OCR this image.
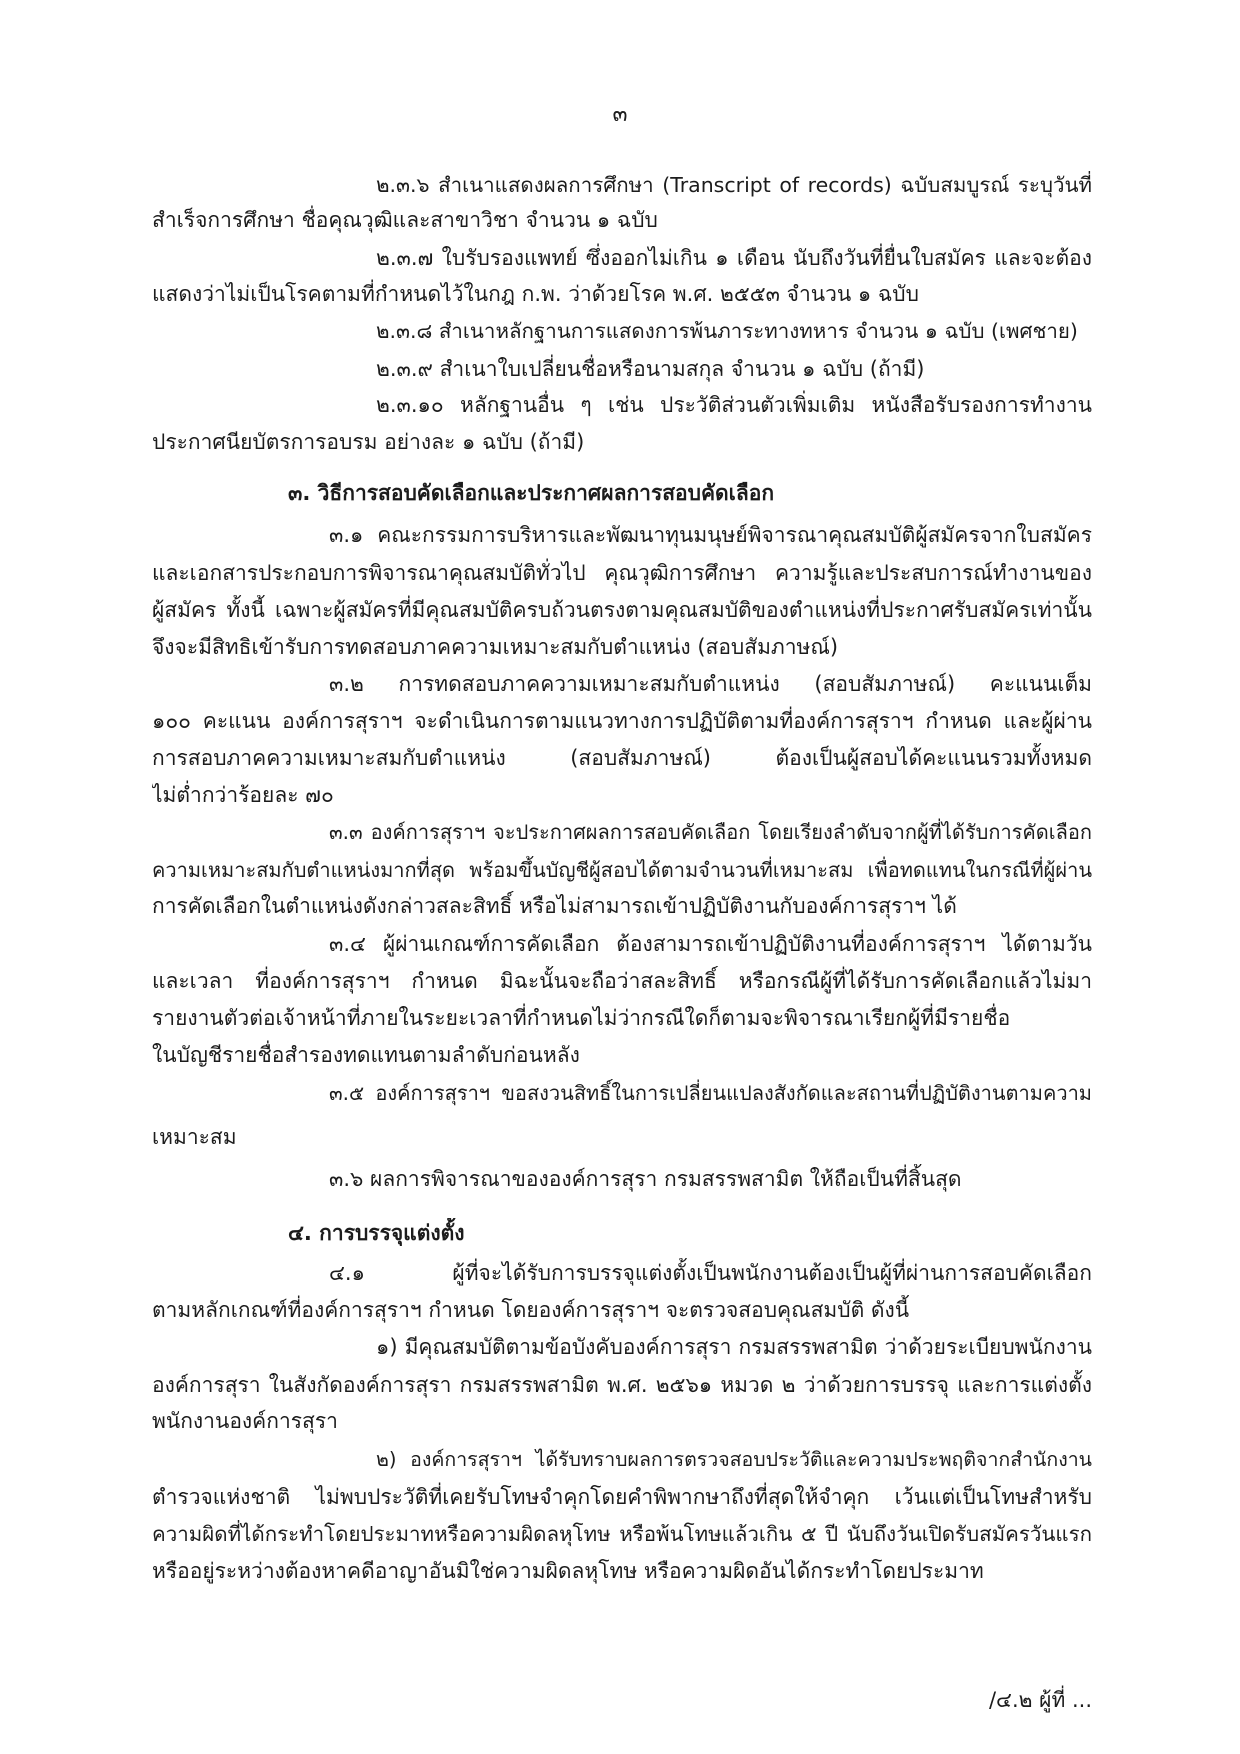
๓
๒.๓.๖ สำเนาแสดงผลการศึกษา (Transcript of records) ฉบับสมบูรณ์ ระบุวันที่
สำเร็จการศึกษา ชื่อคุณวุฒิและสาขาวิชา จำนวน ๑ ฉบับ
๒.๓.๗ ใบรับรองแพทย์ ซึ่งออกไม่เกิน ๑ เดือน นับถึงวันที่ยื่นใบสมัคร และจะต้อง
แสดงว่าไม่เป็นโรคตามที่กำหนดไว้ในกฎ ก.พ. ว่าด้วยโรค พ.ศ. ๒๕๕๓ จำนวน ๑ ฉบับ
๒.๓.๘ สำเนาหลักฐานการแสดงการพ้นภาระทางทหาร จำนวน ๑ ฉบับ (เพศชาย)
๒.๓.๙ สำเนาใบเปลี่ยนชื่อหรือนามสกุล จำนวน ๑ ฉบับ (ถ้ามี)
๒.๓.๑๐ หลักฐานอื่น ๆ เช่น ประวัติส่วนตัวเพิ่มเติม หนังสือรับรองการทำงาน
ประกาศนียบัตรการอบรม อย่างละ ๑ ฉบับ (ถ้ามี)
๓. วิธีการสอบคัดเลือกและประกาศผลการสอบคัดเลือก
๓.๑ คณะกรรมการบริหารและพัฒนาทุนมนุษย์พิจารณาคุณสมบัติผู้สมัครจากใบสมัคร
และเอกสารประกอบการพิจารณาคุณสมบัติทั่วไป คุณวุฒิการศึกษา ความรู้และประสบการณ์ทำงานของ
ผู้สมัคร ทั้งนี้ เฉพาะผู้สมัครที่มีคุณสมบัติครบถ้วนตรงตามคุณสมบัติของตำแหน่งที่ประกาศรับสมัครเท่านั้น
จึงจะมีสิทธิเข้ารับการทดสอบภาคความเหมาะสมกับตำแหน่ง (สอบสัมภาษณ์)
๓.๒ การทดสอบภาคความเหมาะสมกับตำแหน่ง (สอบสัมภาษณ์) คะแนนเต็ม
๑๐๐ คะแนน องค์การสุราฯ จะดำเนินการตามแนวทางการปฏิบัติตามที่องค์การสุราฯ กำหนด และผู้ผ่าน
การสอบภาคความเหมาะสมกับตำแหน่ง (สอบสัมภาษณ์) ต้องเป็นผู้สอบได้คะแนนรวมทั้งหมด
ไม่ต่ำกว่าร้อยละ ๗๐
๓.๓ องค์การสุราฯ จะประกาศผลการสอบคัดเลือก โดยเรียงลำดับจากผู้ที่ได้รับการคัดเลือก
ความเหมาะสมกับตำแหน่งมากที่สุด พร้อมขึ้นบัญชีผู้สอบได้ตามจำนวนที่เหมาะสม เพื่อทดแทนในกรณีที่ผู้ผ่าน
การคัดเลือกในตำแหน่งดังกล่าวสละสิทธิ์ หรือไม่สามารถเข้าปฏิบัติงานกับองค์การสุราฯ ได้
๓.๔ ผู้ผ่านเกณฑ์การคัดเลือก ต้องสามารถเข้าปฏิบัติงานที่องค์การสุราฯ ได้ตามวัน
และเวลา ที่องค์การสุราฯ กำหนด มิฉะนั้นจะถือว่าสละสิทธิ์ หรือกรณีผู้ที่ได้รับการคัดเลือกแล้วไม่มา
รายงานตัวต่อเจ้าหน้าที่ภายในระยะเวลาที่กำหนดไม่ว่ากรณีใดก็ตามจะพิจารณาเรียกผู้ที่มีรายชื่อ
ในบัญชีรายชื่อสำรองทดแทนตามลำดับก่อนหลัง
๓.๕ องค์การสุราฯ ขอสงวนสิทธิ์ในการเปลี่ยนแปลงสังกัดและสถานที่ปฏิบัติงานตามความ
เหมาะสม
๓.๖ ผลการพิจารณาขององค์การสุรา กรมสรรพสามิต ให้ถือเป็นที่สิ้นสุด
๔. การบรรจุแต่งตั้ง
๔.๑ ผู้ที่จะได้รับการบรรจุแต่งตั้งเป็นพนักงานต้องเป็นผู้ที่ผ่านการสอบคัดเลือก
ตามหลักเกณฑ์ที่องค์การสุราฯ กำหนด โดยองค์การสุราฯ จะตรวจสอบคุณสมบัติ ดังนี้
๑) มีคุณสมบัติตามข้อบังคับองค์การสุรา กรมสรรพสามิต ว่าด้วยระเบียบพนักงาน
องค์การสุรา ในสังกัดองค์การสุรา กรมสรรพสามิต พ.ศ. ๒๕๖๑ หมวด ๒ ว่าด้วยการบรรจุ และการแต่งตั้ง
พนักงานองค์การสุรา
๒) องค์การสุราฯ ได้รับทราบผลการตรวจสอบประวัติและความประพฤติจากสำนักงาน
ตำรวจแห่งชาติ ไม่พบประวัติที่เคยรับโทษจำคุกโดยคำพิพากษาถึงที่สุดให้จำคุก เว้นแต่เป็นโทษสำหรับ
ความผิดที่ได้กระทำโดยประมาทหรือความผิดลหุโทษ หรือพ้นโทษแล้วเกิน ๕ ปี นับถึงวันเปิดรับสมัครวันแรก
หรืออยู่ระหว่างต้องหาคดีอาญาอันมิใช่ความผิดลหุโทษ หรือความผิดอันได้กระทำโดยประมาท
/๔.๒ ผู้ที่ ...
